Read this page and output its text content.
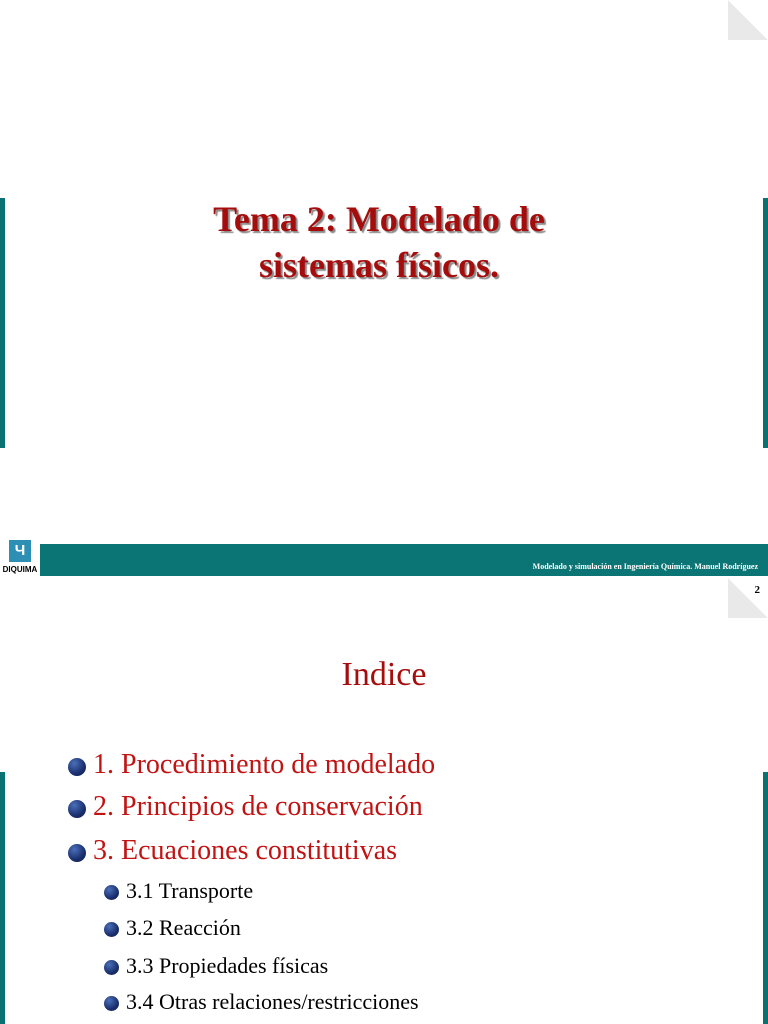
Tema 2: Modelado de
sistemas físicos.
Modelado y simulación en Ingeniería Química. Manuel Rodríguez
Ч
DIQUIMA
2
Indice
1. Procedimiento de modelado
2. Principios de conservación
3. Ecuaciones constitutivas
3.1 Transporte
3.2 Reacción
3.3 Propiedades físicas
3.4 Otras relaciones/restricciones
